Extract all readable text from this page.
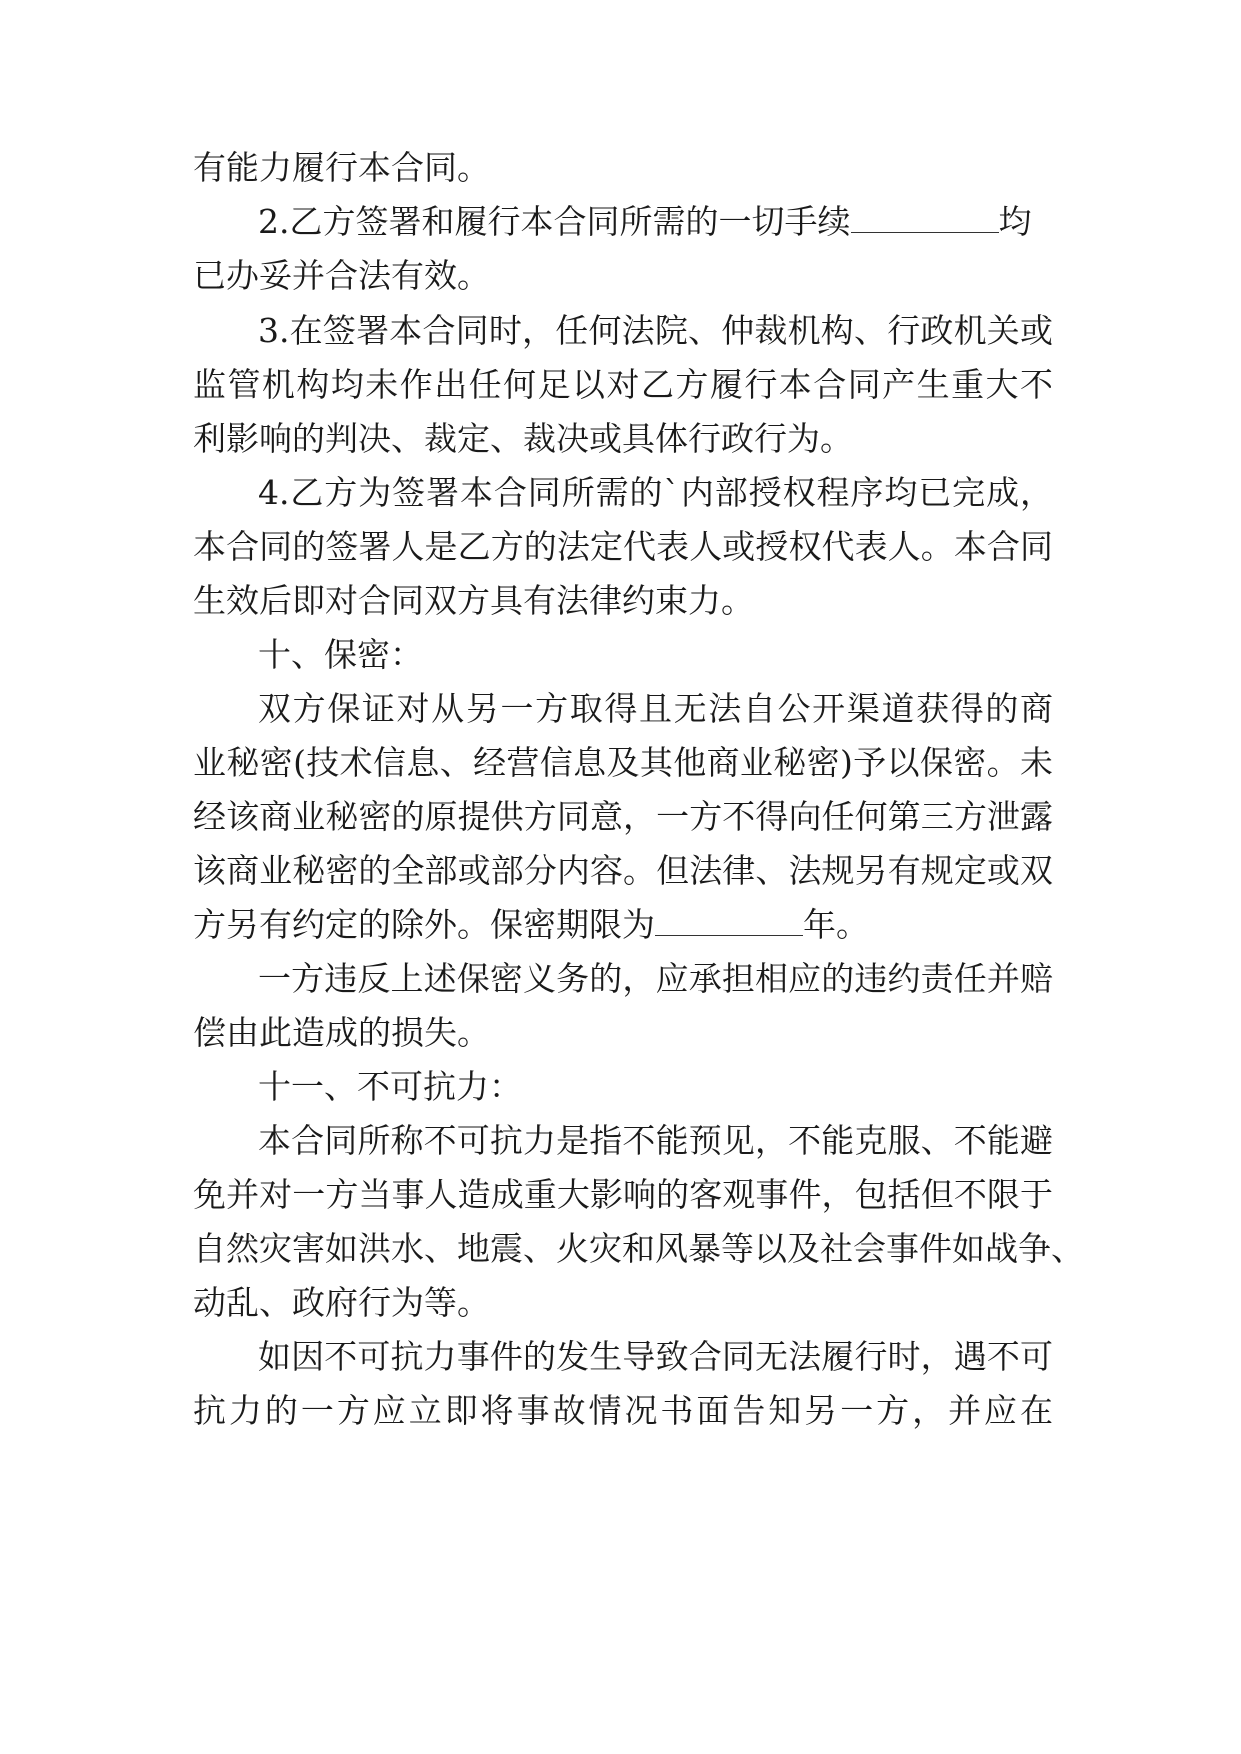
有能力履行本合同。
2.乙方签署和履行本合同所需的一切手续	均
已办妥并合法有效。
3.在签署本合同时，任何法院、仲裁机构、行政机关或
监管机构均未作出任何足以对乙方履行本合同产生重大不
利影响的判决、裁定、裁决或具体行政行为。
4.乙方为签署本合同所需的`内部授权程序均已完成，
本合同的签署人是乙方的法定代表人或授权代表人。本合同
生效后即对合同双方具有法律约束力。
十、保密：
双方保证对从另一方取得且无法自公开渠道获得的商
业秘密(技术信息、经营信息及其他商业秘密)予以保密。未
经该商业秘密的原提供方同意，一方不得向任何第三方泄露
该商业秘密的全部或部分内容。但法律、法规另有规定或双
方另有约定的除外。保密期限为	年。
一方违反上述保密义务的，应承担相应的违约责任并赔
偿由此造成的损失。
十一、不可抗力：
本合同所称不可抗力是指不能预见，不能克服、不能避
免并对一方当事人造成重大影响的客观事件，包括但不限于
自然灾害如洪水、地震、火灾和风暴等以及社会事件如战争、
动乱、政府行为等。
如因不可抗力事件的发生导致合同无法履行时，遇不可
抗力的一方应立即将事故情况书面告知另一方，并应在
